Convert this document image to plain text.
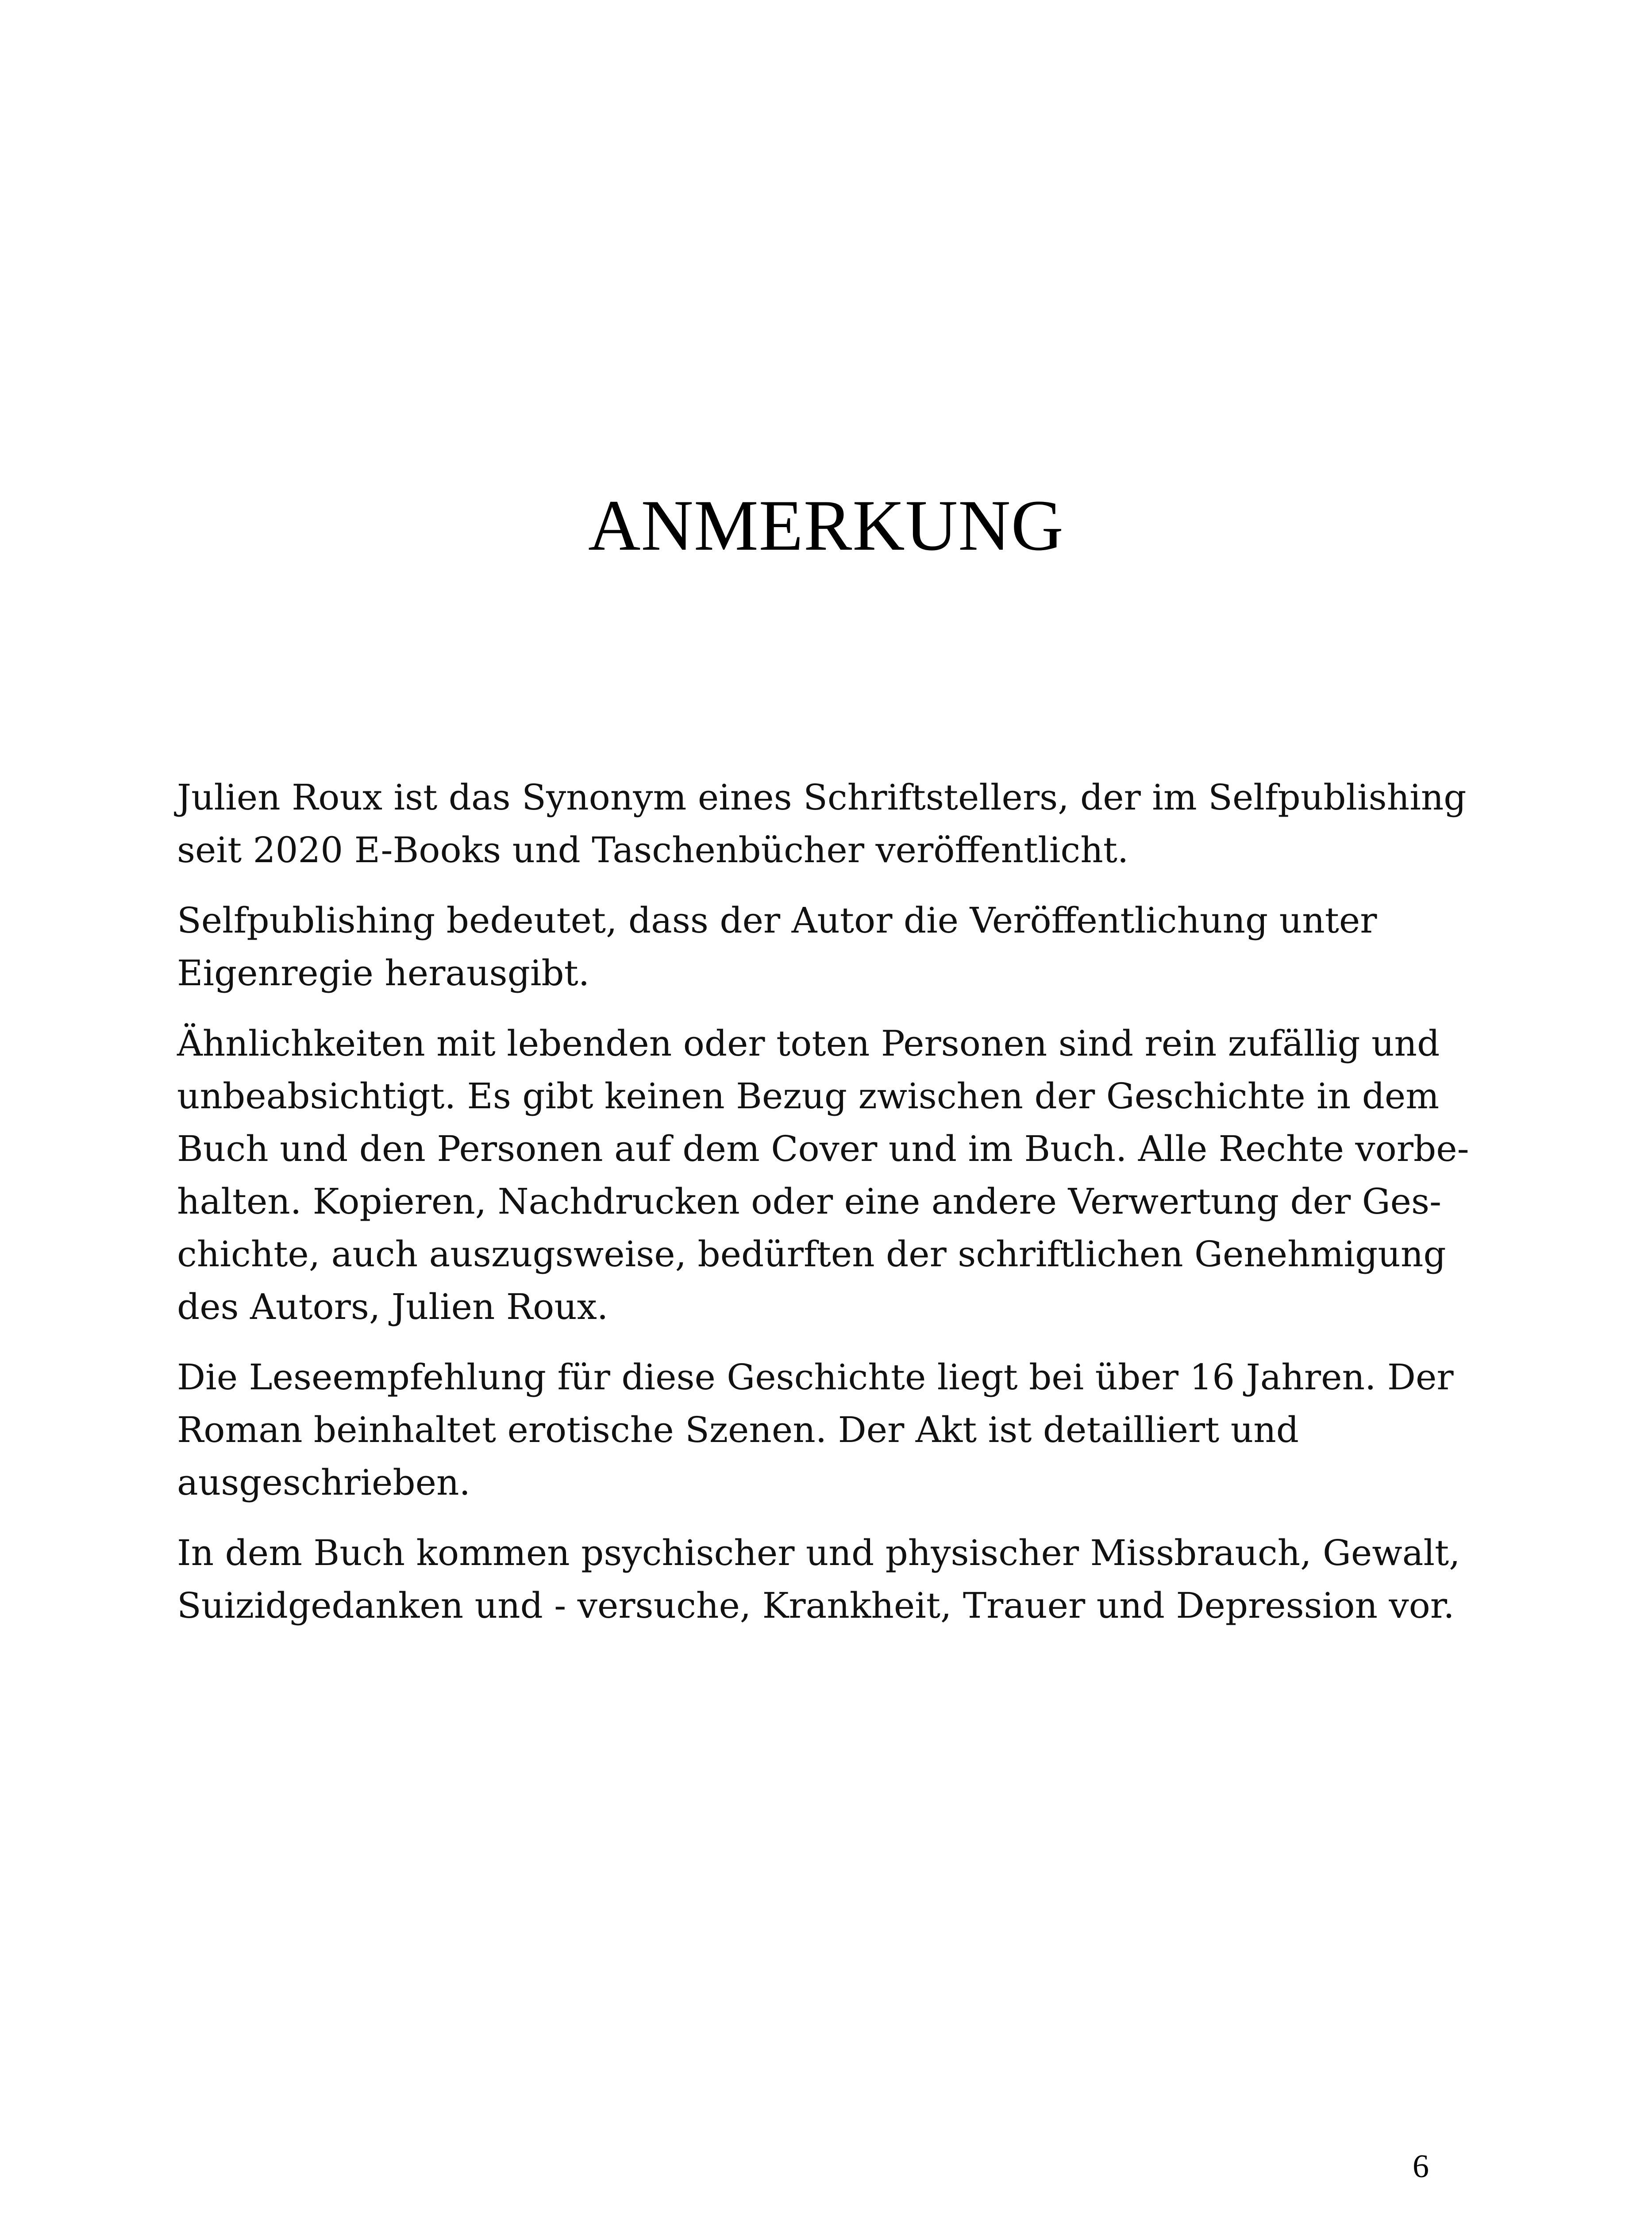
ANMERKUNG

Julien Roux ist das Synonym eines Schriftstellers, der im Selfpublishing
seit 2020 E-Books und Taschenbücher veröffentlicht.

Selfpublishing bedeutet, dass der Autor die Veröffentlichung unter
Eigenregie herausgibt.

Ähnlichkeiten mit lebenden oder toten Personen sind rein zufällig und
unbeabsichtigt. Es gibt keinen Bezug zwischen der Geschichte in dem
Buch und den Personen auf dem Cover und im Buch. Alle Rechte vorbe-
halten. Kopieren, Nachdrucken oder eine andere Verwertung der Ges-
chichte, auch auszugsweise, bedürften der schriftlichen Genehmigung
des Autors, Julien Roux.

Die Leseempfehlung für diese Geschichte liegt bei über 16 Jahren. Der
Roman beinhaltet erotische Szenen. Der Akt ist detailliert und
ausgeschrieben.

In dem Buch kommen psychischer und physischer Missbrauch, Gewalt,
Suizidgedanken und - versuche, Krankheit, Trauer und Depression vor.

6
